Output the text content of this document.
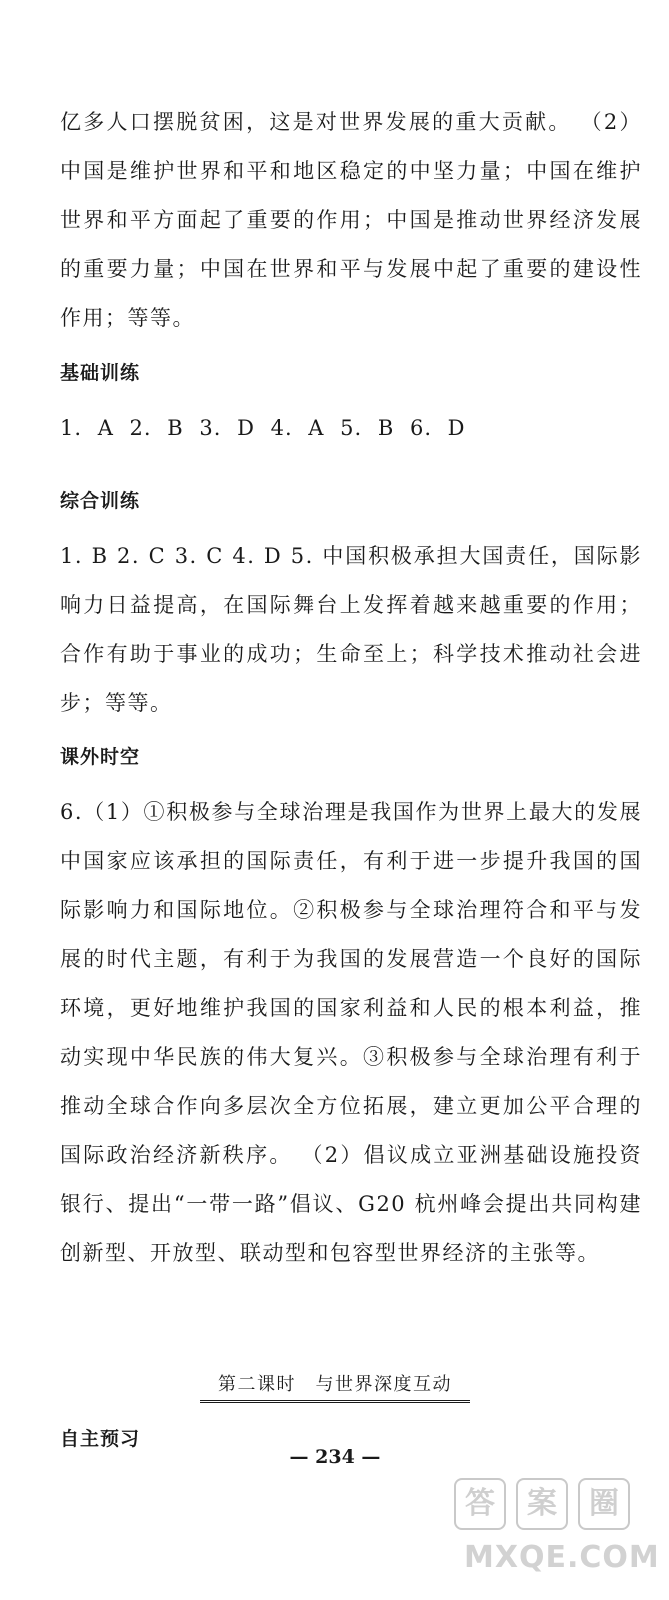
亿多人口摆脱贫困，这是对世界发展的重大贡献。 （2）中国是维护世界和平和地区稳定的中坚力量；中国在维护世界和平方面起了重要的作用；中国是推动世界经济发展的重要力量；中国在世界和平与发展中起了重要的建设性作用；等等。

基础训练

1. A 2. B 3. D 4. A 5. B 6. D

综合训练

1. B 2. C 3. C 4. D 5. 中国积极承担大国责任，国际影响力日益提高，在国际舞台上发挥着越来越重要的作用；合作有助于事业的成功；生命至上；科学技术推动社会进步；等等。

课外时空

6.（1）①积极参与全球治理是我国作为世界上最大的发展中国家应该承担的国际责任，有利于进一步提升我国的国际影响力和国际地位。②积极参与全球治理符合和平与发展的时代主题，有利于为我国的发展营造一个良好的国际环境，更好地维护我国的国家利益和人民的根本利益，推动实现中华民族的伟大复兴。③积极参与全球治理有利于推动全球合作向多层次全方位拓展，建立更加公平合理的国际政治经济新秩序。 （2）倡议成立亚洲基础设施投资银行、提出“一带一路”倡议、G20 杭州峰会提出共同构建创新型、开放型、联动型和包容型世界经济的主张等。

第二课时　与世界深度互动
自主预习
— 234 —
答	案	圈
MXQE.COM
